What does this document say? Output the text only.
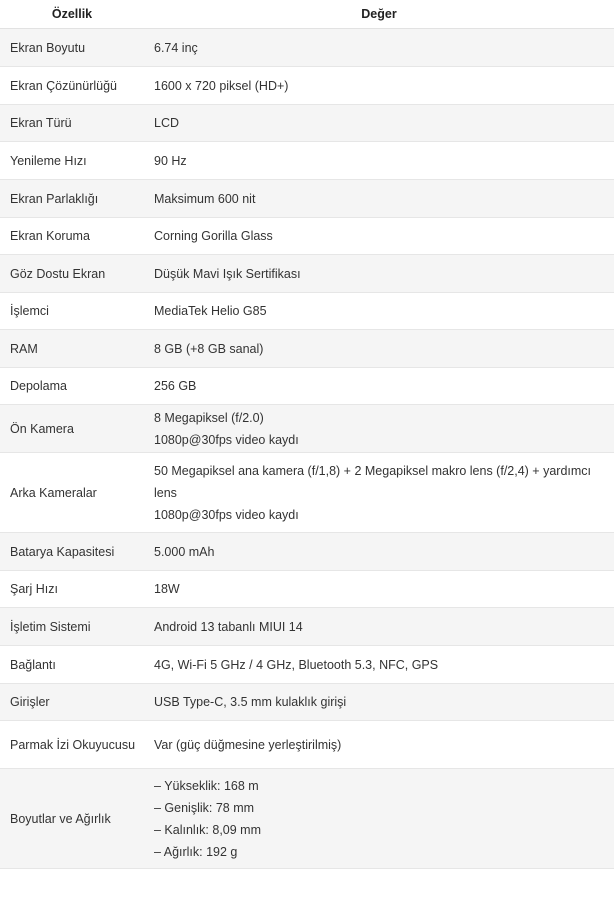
Özellik	Değer
Ekran Boyutu	6.74 inç

Ekran Çözünürlüğü	1600 x 720 piksel (HD+)

Ekran Türü	LCD

Yenileme Hızı	90 Hz

Ekran Parlaklığı	Maksimum 600 nit

Ekran Koruma	Corning Gorilla Glass

Göz Dostu Ekran	Düşük Mavi Işık Sertifikası

İşlemci	MediaTek Helio G85

RAM	8 GB (+8 GB sanal)

Depolama	256 GB

Ön Kamera	8 Megapiksel (f/2.0)
1080p@30fps video kaydı

Arka Kameralar	50 Megapiksel ana kamera (f/1,8) + 2 Megapiksel makro lens (f/2,4) + yardımcı lens
1080p@30fps video kaydı

Batarya Kapasitesi	5.000 mAh

Şarj Hızı	18W

İşletim Sistemi	Android 13 tabanlı MIUI 14

Bağlantı	4G, Wi-Fi 5 GHz / 4 GHz, Bluetooth 5.3, NFC, GPS

Girişler	USB Type-C, 3.5 mm kulaklık girişi

Parmak İzi Okuyucusu	Var (güç düğmesine yerleştirilmiş)

Boyutlar ve Ağırlık	– Yükseklik: 168 m
– Genişlik: 78 mm
– Kalınlık: 8,09 mm
– Ağırlık: 192 g
